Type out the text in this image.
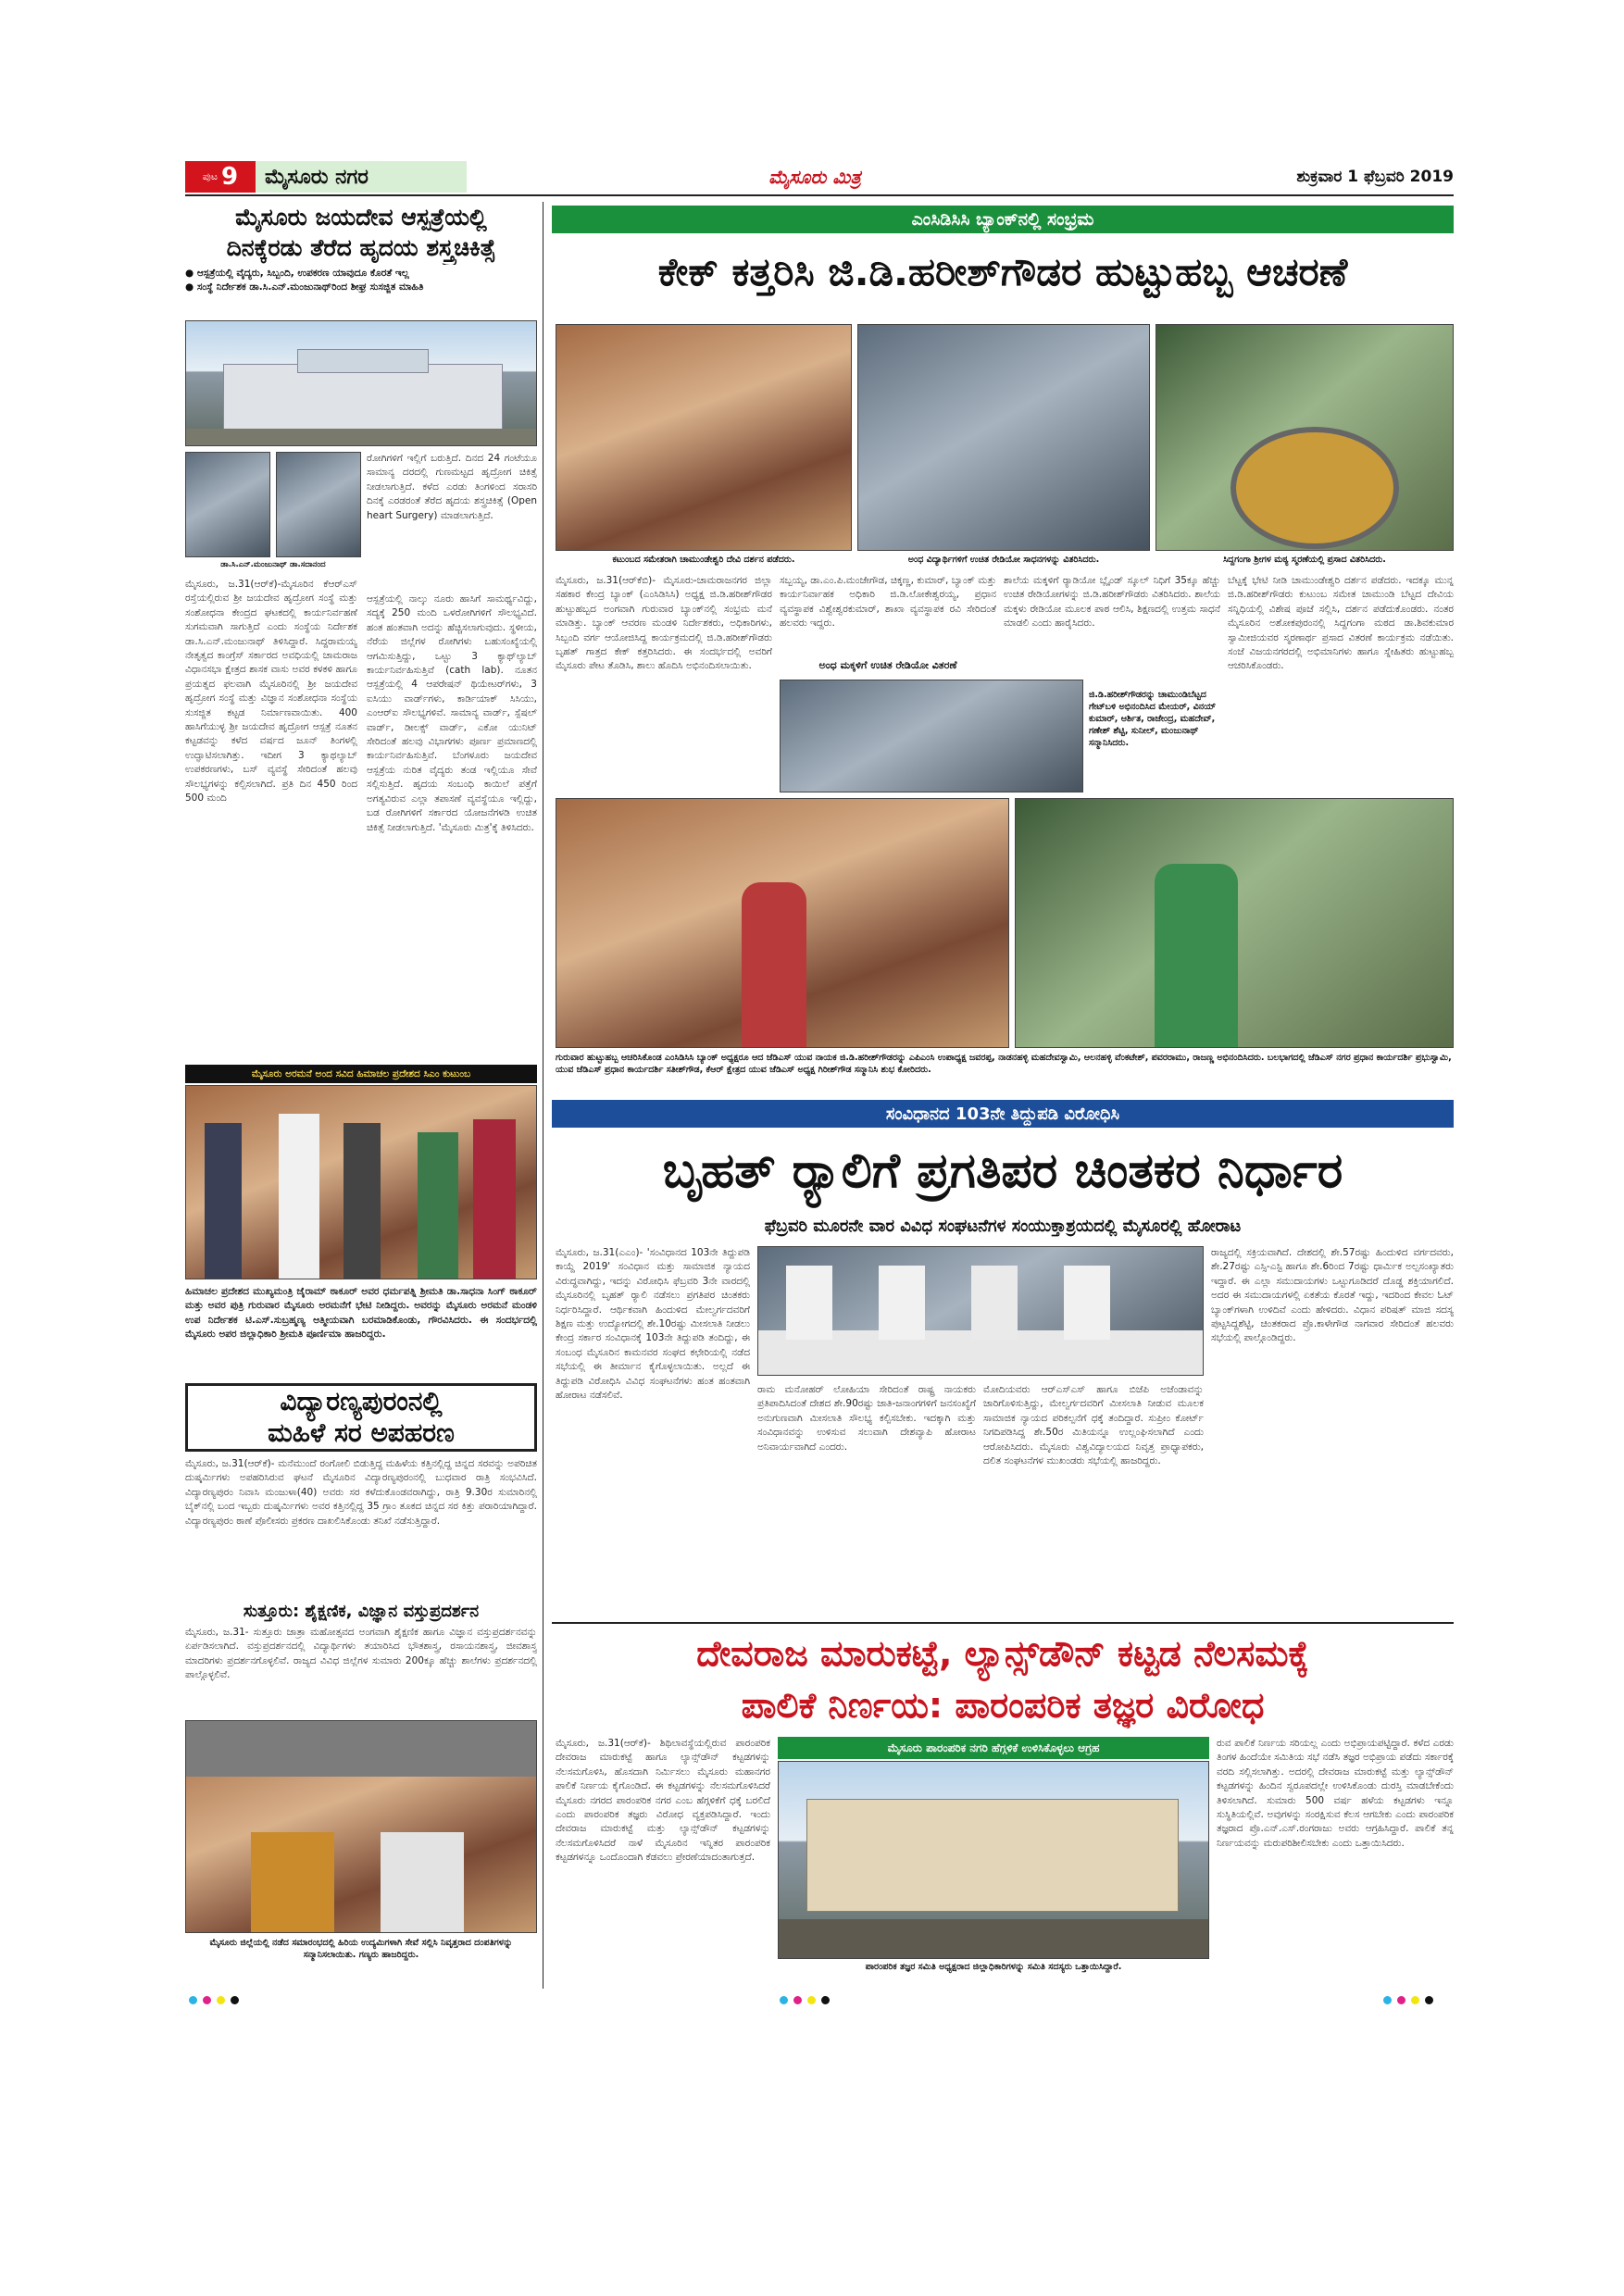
ಪುಟ 9 ಮೈಸೂರು ನಗರ	ಮೈಸೂರು ಮಿತ್ರ	ಶುಕ್ರವಾರ 1 ಫೆಬ್ರವರಿ 2019
ಮೈಸೂರು ಜಯದೇವ ಆಸ್ಪತ್ರೆಯಲ್ಲಿ
ದಿನಕ್ಕೆರಡು ತೆರೆದ ಹೃದಯ ಶಸ್ತ್ರಚಿಕಿತ್ಸೆ
● ಆಸ್ಪತ್ರೆಯಲ್ಲಿ ವೈದ್ಯರು, ಸಿಬ್ಬಂದಿ, ಉಪಕರಣ ಯಾವುದೂ ಕೊರತೆ ಇಲ್ಲ
● ಸಂಸ್ಥೆ ನಿರ್ದೇಶಕ ಡಾ.ಸಿ.ಎನ್.ಮಂಜುನಾಥ್‌ರಿಂದ ಶೀಘ್ರ ಸುಸಜ್ಜಿತ ಮಾಹಿತಿ
ಡಾ.ಸಿ.ಎನ್.ಮಂಜುನಾಥ್ ಡಾ.ಸದಾನಂದ
ರೋಗಿಗಳಿಗೆ ಇಲ್ಲಿಗೆ ಬರುತ್ತಿದೆ. ದಿನದ 24 ಗಂಟೆಯೂ ಸಾಮಾನ್ಯ ದರದಲ್ಲಿ ಗುಣಮಟ್ಟದ ಹೃದ್ರೋಗ ಚಿಕಿತ್ಸೆ ನೀಡಲಾಗುತ್ತಿದೆ. ಕಳೆದ ಎರಡು ತಿಂಗಳಿಂದ ಸರಾಸರಿ ದಿನಕ್ಕೆ ಎರಡರಂತೆ ತೆರೆದ ಹೃದಯ ಶಸ್ತ್ರಚಿಕಿತ್ಸೆ (Open heart Surgery) ಮಾಡಲಾಗುತ್ತಿದೆ.
ಮೈಸೂರು, ಜ.31(ಆರ್‌ಕೆ)-ಮೈಸೂರಿನ ಕೆಆರ್‌ಎಸ್ ರಸ್ತೆಯಲ್ಲಿರುವ ಶ್ರೀ ಜಯದೇವ ಹೃದ್ರೋಗ ಸಂಸ್ಥೆ ಮತ್ತು ಸಂಶೋಧನಾ ಕೇಂದ್ರದ ಘಟಕದಲ್ಲಿ ಕಾರ್ಯನಿರ್ವಹಣೆ ಸುಗಮವಾಗಿ ಸಾಗುತ್ತಿದೆ ಎಂದು ಸಂಸ್ಥೆಯ ನಿರ್ದೇಶಕ ಡಾ.ಸಿ.ಎನ್.ಮಂಜುನಾಥ್ ತಿಳಿಸಿದ್ದಾರೆ. ಸಿದ್ದರಾಮಯ್ಯ ನೇತೃತ್ವದ ಕಾಂಗ್ರೆಸ್ ಸರ್ಕಾರದ ಅವಧಿಯಲ್ಲಿ ಚಾಮರಾಜ ವಿಧಾನಸಭಾ ಕ್ಷೇತ್ರದ ಶಾಸಕ ವಾಸು ಅವರ ಕಳಕಳಿ ಹಾಗೂ ಪ್ರಯತ್ನದ ಫಲವಾಗಿ ಮೈಸೂರಿನಲ್ಲಿ ಶ್ರೀ ಜಯದೇವ ಹೃದ್ರೋಗ ಸಂಸ್ಥೆ ಮತ್ತು ವಿಜ್ಞಾನ ಸಂಶೋಧನಾ ಸಂಸ್ಥೆಯ ಸುಸಜ್ಜಿತ ಕಟ್ಟಡ ನಿರ್ಮಾಣವಾಯಿತು. 400 ಹಾಸಿಗೆಯುಳ್ಳ ಶ್ರೀ ಜಯದೇವ ಹೃದ್ರೋಗ ಆಸ್ಪತ್ರೆ ನೂತನ ಕಟ್ಟಡವನ್ನು ಕಳೆದ ವರ್ಷದ ಜೂನ್ ತಿಂಗಳಲ್ಲಿ ಉದ್ಘಾಟಿಸಲಾಗಿತ್ತು. ಇದೀಗ 3 ಕ್ಯಾಥಲ್ಯಾಬ್ ಉಪಕರಣಗಳು, ಬಸ್ ವ್ಯವಸ್ಥೆ ಸೇರಿದಂತೆ ಹಲವು ಸೌಲಭ್ಯಗಳನ್ನು ಕಲ್ಪಿಸಲಾಗಿದೆ. ಪ್ರತಿ ದಿನ 450 ರಿಂದ 500 ಮಂದಿ
ಆಸ್ಪತ್ರೆಯಲ್ಲಿ ನಾಲ್ಕು ನೂರು ಹಾಸಿಗೆ ಸಾಮರ್ಥ್ಯವಿದ್ದು, ಸದ್ಯಕ್ಕೆ 250 ಮಂದಿ ಒಳರೋಗಿಗಳಿಗೆ ಸೌಲಭ್ಯವಿದೆ. ಹಂತ ಹಂತವಾಗಿ ಅದನ್ನು ಹೆಚ್ಚಿಸಲಾಗುವುದು. ಸ್ಥಳೀಯ, ನೆರೆಯ ಜಿಲ್ಲೆಗಳ ರೋಗಿಗಳು ಬಹುಸಂಖ್ಯೆಯಲ್ಲಿ ಆಗಮಿಸುತ್ತಿದ್ದು, ಒಟ್ಟು 3 ಕ್ಯಾಥ್‌ಲ್ಯಾಬ್ ಕಾರ್ಯನಿರ್ವಹಿಸುತ್ತಿವೆ (cath lab). ನೂತನ ಆಸ್ಪತ್ರೆಯಲ್ಲಿ 4 ಆಪರೇಷನ್ ಥಿಯೇಟರ್‌ಗಳು, 3 ಐಸಿಯು ವಾರ್ಡ್‌ಗಳು, ಕಾರ್ಡಿಯಾಕ್ ಸಿಸಿಯು, ಎಂಆರ್‌ಐ ಸೌಲಭ್ಯಗಳಿವೆ. ಸಾಮಾನ್ಯ ವಾರ್ಡ್, ಸ್ಪೆಷಲ್ ವಾರ್ಡ್, ಡೀಲಕ್ಸ್ ವಾರ್ಡ್, ಎಕೋ ಯುನಿಟ್ ಸೇರಿದಂತೆ ಹಲವು ವಿಭಾಗಗಳು ಪೂರ್ಣ ಪ್ರಮಾಣದಲ್ಲಿ ಕಾರ್ಯನಿರ್ವಹಿಸುತ್ತಿವೆ. ಬೆಂಗಳೂರು ಜಯದೇವ ಆಸ್ಪತ್ರೆಯ ನುರಿತ ವೈದ್ಯರು ತಂಡ ಇಲ್ಲಿಯೂ ಸೇವೆ ಸಲ್ಲಿಸುತ್ತಿದೆ. ಹೃದಯ ಸಂಬಂಧಿ ಕಾಯಿಲೆ ಪತ್ತೆಗೆ ಅಗತ್ಯವಿರುವ ಎಲ್ಲಾ ತಪಾಸಣೆ ವ್ಯವಸ್ಥೆಯೂ ಇಲ್ಲಿದ್ದು, ಬಡ ರೋಗಿಗಳಿಗೆ ಸರ್ಕಾರದ ಯೋಜನೆಗಳಡಿ ಉಚಿತ ಚಿಕಿತ್ಸೆ ನೀಡಲಾಗುತ್ತಿದೆ. 'ಮೈಸೂರು ಮಿತ್ರ'ಕ್ಕೆ ತಿಳಿಸಿದರು.
ಮೈಸೂರು ಅರಮನೆ ಅಂದ ಸವಿದ ಹಿಮಾಚಲ ಪ್ರದೇಶದ ಸಿಎಂ ಕುಟುಂಬ
ಹಿಮಾಚಲ ಪ್ರದೇಶದ ಮುಖ್ಯಮಂತ್ರಿ ಜೈರಾಮ್ ಠಾಕೂರ್ ಅವರ ಧರ್ಮಪತ್ನಿ ಶ್ರೀಮತಿ ಡಾ.ಸಾಧನಾ ಸಿಂಗ್ ಠಾಕೂರ್ ಮತ್ತು ಅವರ ಪುತ್ರಿ ಗುರುವಾರ ಮೈಸೂರು ಅರಮನೆಗೆ ಭೇಟಿ ನೀಡಿದ್ದರು. ಅವರನ್ನು ಮೈಸೂರು ಅರಮನೆ ಮಂಡಳಿ ಉಪ ನಿರ್ದೇಶಕ ಟಿ.ಎಸ್.ಸುಬ್ರಹ್ಮಣ್ಯ ಆತ್ಮೀಯವಾಗಿ ಬರಮಾಡಿಕೊಂಡು, ಗೌರವಿಸಿದರು. ಈ ಸಂದರ್ಭದಲ್ಲಿ ಮೈಸೂರು ಅಪರ ಜಿಲ್ಲಾಧಿಕಾರಿ ಶ್ರೀಮತಿ ಪೂರ್ಣಿಮಾ ಹಾಜರಿದ್ದರು.
ವಿದ್ಯಾರಣ್ಯಪುರಂನಲ್ಲಿ
ಮಹಿಳೆ ಸರ ಅಪಹರಣ
ಮೈಸೂರು, ಜ.31(ಆರ್‌ಕೆ)- ಮನೆಮುಂದೆ ರಂಗೋಲಿ ಬಿಡುತ್ತಿದ್ದ ಮಹಿಳೆಯ ಕತ್ತಿನಲ್ಲಿದ್ದ ಚಿನ್ನದ ಸರವನ್ನು ಅಪರಿಚಿತ ದುಷ್ಕರ್ಮಿಗಳು ಅಪಹರಿಸಿರುವ ಘಟನೆ ಮೈಸೂರಿನ ವಿದ್ಯಾರಣ್ಯಪುರಂನಲ್ಲಿ ಬುಧವಾರ ರಾತ್ರಿ ಸಂಭವಿಸಿದೆ. ವಿದ್ಯಾರಣ್ಯಪುರಂ ನಿವಾಸಿ ಮಂಜುಳಾ(40) ಅವರು ಸರ ಕಳೆದುಕೊಂಡವರಾಗಿದ್ದು, ರಾತ್ರಿ 9.30ರ ಸುಮಾರಿನಲ್ಲಿ ಬೈಕ್‌ನಲ್ಲಿ ಬಂದ ಇಬ್ಬರು ದುಷ್ಕರ್ಮಿಗಳು ಅವರ ಕತ್ತಿನಲ್ಲಿದ್ದ 35 ಗ್ರಾಂ ತೂಕದ ಚಿನ್ನದ ಸರ ಕಿತ್ತು ಪರಾರಿಯಾಗಿದ್ದಾರೆ. ವಿದ್ಯಾರಣ್ಯಪುರಂ ಠಾಣೆ ಪೊಲೀಸರು ಪ್ರಕರಣ ದಾಖಲಿಸಿಕೊಂಡು ತನಿಖೆ ನಡೆಸುತ್ತಿದ್ದಾರೆ.
ಸುತ್ತೂರು: ಶೈಕ್ಷಣಿಕ, ವಿಜ್ಞಾನ ವಸ್ತುಪ್ರದರ್ಶನ
ಮೈಸೂರು, ಜ.31- ಸುತ್ತೂರು ಜಾತ್ರಾ ಮಹೋತ್ಸವದ ಅಂಗವಾಗಿ ಶೈಕ್ಷಣಿಕ ಹಾಗೂ ವಿಜ್ಞಾನ ವಸ್ತುಪ್ರದರ್ಶನವನ್ನು ಏರ್ಪಡಿಸಲಾಗಿದೆ. ವಸ್ತುಪ್ರದರ್ಶನದಲ್ಲಿ ವಿದ್ಯಾರ್ಥಿಗಳು ತಯಾರಿಸಿದ ಭೌತಶಾಸ್ತ್ರ, ರಸಾಯನಶಾಸ್ತ್ರ, ಜೀವಶಾಸ್ತ್ರ ಮಾದರಿಗಳು ಪ್ರದರ್ಶನಗೊಳ್ಳಲಿವೆ. ರಾಜ್ಯದ ವಿವಿಧ ಜಿಲ್ಲೆಗಳ ಸುಮಾರು 200ಕ್ಕೂ ಹೆಚ್ಚು ಶಾಲೆಗಳು ಪ್ರದರ್ಶನದಲ್ಲಿ ಪಾಲ್ಗೊಳ್ಳಲಿವೆ.
ಮೈಸೂರು ಜಿಲ್ಲೆಯಲ್ಲಿ ನಡೆದ ಸಮಾರಂಭದಲ್ಲಿ ಹಿರಿಯ ಉದ್ಯಮಿಗಳಾಗಿ ಸೇವೆ ಸಲ್ಲಿಸಿ ನಿವೃತ್ತರಾದ ದಂಪತಿಗಳನ್ನು ಸನ್ಮಾನಿಸಲಾಯಿತು. ಗಣ್ಯರು ಹಾಜರಿದ್ದರು.
ಎಂಸಿಡಿಸಿಸಿ ಬ್ಯಾಂಕ್‌ನಲ್ಲಿ ಸಂಭ್ರಮ
ಕೇಕ್ ಕತ್ತರಿಸಿ ಜಿ.ಡಿ.ಹರೀಶ್‌ಗೌಡರ ಹುಟ್ಟುಹಬ್ಬ ಆಚರಣೆ
ಕಟುಂಬದ ಸಮೇತರಾಗಿ ಚಾಮುಂಡೇಶ್ವರಿ ದೇವಿ ದರ್ಶನ ಪಡೆದರು.	ಅಂಧ ವಿದ್ಯಾರ್ಥಿಗಳಿಗೆ ಉಚಿತ ರೇಡಿಯೋ ಸಾಧನಗಳನ್ನು ವಿತರಿಸಿದರು.	ಸಿದ್ದಗಂಗಾ ಶ್ರೀಗಳ ಮಠ್ಯ ಸ್ಮರಣೆಯಲ್ಲಿ ಪ್ರಸಾದ ವಿತರಿಸಿದರು.
ಮೈಸೂರು, ಜ.31(ಆರ್‌ಕೆಬಿ)- ಮೈಸೂರು-ಚಾಮರಾಜನಗರ ಜಿಲ್ಲಾ ಸಹಕಾರ ಕೇಂದ್ರ ಬ್ಯಾಂಕ್ (ಎಂಸಿಡಿಸಿಸಿ) ಅಧ್ಯಕ್ಷ ಜಿ.ಡಿ.ಹರೀಶ್‌ಗೌಡರ ಹುಟ್ಟುಹಬ್ಬದ ಅಂಗವಾಗಿ ಗುರುವಾರ ಬ್ಯಾಂಕ್‌ನಲ್ಲಿ ಸಂಭ್ರಮ ಮನೆ ಮಾಡಿತ್ತು. ಬ್ಯಾಂಕ್ ಆವರಣ ಮಂಡಳಿ ನಿರ್ದೇಶಕರು, ಅಧಿಕಾರಿಗಳು, ಸಿಬ್ಬಂದಿ ವರ್ಗ ಆಯೋಜಿಸಿದ್ದ ಕಾರ್ಯಕ್ರಮದಲ್ಲಿ ಜಿ.ಡಿ.ಹರೀಶ್‌ಗೌಡರು ಬೃಹತ್ ಗಾತ್ರದ ಕೇಕ್ ಕತ್ತರಿಸಿದರು. ಈ ಸಂದರ್ಭದಲ್ಲಿ ಅವರಿಗೆ ಮೈಸೂರು ಪೇಟ ತೊಡಿಸಿ, ಶಾಲು ಹೊದಿಸಿ ಅಭಿನಂದಿಸಲಾಯಿತು.
ಸಬ್ಬಯ್ಯ, ಡಾ.ಎಂ.ಪಿ.ಮಂಜೇಗೌಡ, ಚಿಕ್ಕಣ್ಣ, ಕುಮಾರ್, ಬ್ಯಾಂಕ್ ಮತ್ತು ಕಾರ್ಯನಿರ್ವಾಹಕ ಅಧಿಕಾರಿ ಜಿ.ಡಿ.ಲೋಕೇಶ್ವರಯ್ಯ, ಪ್ರಧಾನ ವ್ಯವಸ್ಥಾಪಕ ವಿಶ್ವೇಶ್ವರಕುಮಾರ್, ಶಾಖಾ ವ್ಯವಸ್ಥಾಪಕ ರವಿ ಸೇರಿದಂತೆ ಹಲವರು ಇದ್ದರು.
ಅಂಧ ಮಕ್ಕಳಿಗೆ ಉಚಿತ ರೇಡಿಯೋ ವಿತರಣೆ
ಶಾಲೆಯ ಮಕ್ಕಳಿಗೆ ರ್‍ಯಾಡಿಯೋ ಬ್ಲೈಂಡ್ ಸ್ಕೂಲ್ ನಿಧಿಗೆ 35ಕ್ಕೂ ಹೆಚ್ಚು ಉಚಿತ ರೇಡಿಯೋಗಳನ್ನು ಜಿ.ಡಿ.ಹರೀಶ್‌ಗೌಡರು ವಿತರಿಸಿದರು. ಶಾಲೆಯ ಮಕ್ಕಳು ರೇಡಿಯೋ ಮೂಲಕ ಪಾಠ ಆಲಿಸಿ, ಶಿಕ್ಷಣದಲ್ಲಿ ಉತ್ತಮ ಸಾಧನೆ ಮಾಡಲಿ ಎಂದು ಹಾರೈಸಿದರು.
ಬೆಟ್ಟಕ್ಕೆ ಭೇಟಿ ನೀಡಿ ಚಾಮುಂಡೇಶ್ವರಿ ದರ್ಶನ ಪಡೆದರು. ಇದಕ್ಕೂ ಮುನ್ನ ಜಿ.ಡಿ.ಹರೀಶ್‌ಗೌಡರು ಕುಟುಂಬ ಸಮೇತ ಚಾಮುಂಡಿ ಬೆಟ್ಟದ ದೇವಿಯ ಸನ್ನಿಧಿಯಲ್ಲಿ ವಿಶೇಷ ಪೂಜೆ ಸಲ್ಲಿಸಿ, ದರ್ಶನ ಪಡೆದುಕೊಂಡರು. ನಂತರ ಮೈಸೂರಿನ ಅಶೋಕಪುರಂನಲ್ಲಿ ಸಿದ್ದಗಂಗಾ ಮಠದ ಡಾ.ಶಿವಕುಮಾರ ಸ್ವಾಮೀಜಿಯವರ ಸ್ಮರಣಾರ್ಥ ಪ್ರಸಾದ ವಿತರಣೆ ಕಾರ್ಯಕ್ರಮ ನಡೆಯಿತು. ಸಂಜೆ ವಿಜಯನಗರದಲ್ಲಿ ಅಭಿಮಾನಿಗಳು ಹಾಗೂ ಸ್ನೇಹಿತರು ಹುಟ್ಟುಹಬ್ಬ ಆಚರಿಸಿಕೊಂಡರು.
ಜಿ.ಡಿ.ಹರೀಶ್‌ಗೌಡರನ್ನು ಚಾಮುಂಡಿಬೆಟ್ಟದ ಗೇಟ್‌ಬಳಿ ಅಭಿನಂದಿಸಿದ ಮೇಯರ್, ವಿನಯ್ ಕುಮಾರ್, ಆರ್ಶಿತ, ರಾಜೇಂದ್ರ, ಮಹದೇವ್, ಗಣೇಶ್ ಶೆಟ್ಟಿ, ಸುನೀಲ್, ಮಂಜುನಾಥ್ ಸನ್ಮಾನಿಸಿದರು.
ಗುರುವಾರ ಹುಟ್ಟುಹಬ್ಬ ಆಚರಿಸಿಕೊಂಡ ಎಂಸಿಡಿಸಿಸಿ ಬ್ಯಾಂಕ್ ಅಧ್ಯಕ್ಷರೂ ಆದ ಜೆಡಿಎಸ್ ಯುವ ನಾಯಕ ಜಿ.ಡಿ.ಹರೀಶ್‌ಗೌಡರನ್ನು ಎಪಿಎಂಸಿ ಉಪಾಧ್ಯಕ್ಷ ಜವರಪ್ಪ, ನಾಡನಹಳ್ಳಿ ಮಹದೇವಸ್ವಾಮಿ, ಆಲನಹಳ್ಳಿ ವೆಂಕಟೇಶ್, ಪವರರಾಮು, ರಾಜಣ್ಣ ಅಭಿನಂದಿಸಿದರು. ಬಲಭಾಗದಲ್ಲಿ ಜೆಡಿಎಸ್ ನಗರ ಪ್ರಧಾನ ಕಾರ್ಯದರ್ಶಿ ಪ್ರಭುಸ್ವಾಮಿ, ಯುವ ಜೆಡಿಎಸ್ ಪ್ರಧಾನ ಕಾರ್ಯದರ್ಶಿ ಸತೀಶ್‌ಗೌಡ, ಕೆಆರ್ ಕ್ಷೇತ್ರದ ಯುವ ಜೆಡಿಎಸ್ ಅಧ್ಯಕ್ಷ ಗಿರೀಶ್‌ಗೌಡ ಸನ್ಮಾನಿಸಿ ಶುಭ ಕೋರಿದರು.
ಸಂವಿಧಾನದ 103ನೇ ತಿದ್ದುಪಡಿ ವಿರೋಧಿಸಿ
ಬೃಹತ್ ರ್‍ಯಾಲಿಗೆ ಪ್ರಗತಿಪರ ಚಿಂತಕರ ನಿರ್ಧಾರ
ಫೆಬ್ರವರಿ ಮೂರನೇ ವಾರ ವಿವಿಧ ಸಂಘಟನೆಗಳ ಸಂಯುಕ್ತಾಶ್ರಯದಲ್ಲಿ ಮೈಸೂರಲ್ಲಿ ಹೋರಾಟ
ಮೈಸೂರು, ಜ.31(ಎಎಂ)- 'ಸಂವಿಧಾನದ 103ನೇ ತಿದ್ದುಪಡಿ ಕಾಯ್ದೆ 2019' ಸಂವಿಧಾನ ಮತ್ತು ಸಾಮಾಜಿಕ ನ್ಯಾಯದ ವಿರುದ್ಧವಾಗಿದ್ದು, ಇದನ್ನು ವಿರೋಧಿಸಿ ಫೆಬ್ರವರಿ 3ನೇ ವಾರದಲ್ಲಿ ಮೈಸೂರಿನಲ್ಲಿ ಬೃಹತ್ ರ್‍ಯಾಲಿ ನಡೆಸಲು ಪ್ರಗತಿಪರ ಚಿಂತಕರು ನಿರ್ಧರಿಸಿದ್ದಾರೆ. ಆರ್ಥಿಕವಾಗಿ ಹಿಂದುಳಿದ ಮೇಲ್ವರ್ಗದವರಿಗೆ ಶಿಕ್ಷಣ ಮತ್ತು ಉದ್ಯೋಗದಲ್ಲಿ ಶೇ.10ರಷ್ಟು ಮೀಸಲಾತಿ ನೀಡಲು ಕೇಂದ್ರ ಸರ್ಕಾರ ಸಂವಿಧಾನಕ್ಕೆ 103ನೇ ತಿದ್ದುಪಡಿ ತಂದಿದ್ದು, ಈ ಸಂಬಂಧ ಮೈಸೂರಿನ ಕಾಮನವರ ಸಂಘದ ಕಛೇರಿಯಲ್ಲಿ ನಡೆದ ಸಭೆಯಲ್ಲಿ ಈ ತೀರ್ಮಾನ ಕೈಗೊಳ್ಳಲಾಯಿತು. ಅಲ್ಲದೆ ಈ ತಿದ್ದುಪಡಿ ವಿರೋಧಿಸಿ ವಿವಿಧ ಸಂಘಟನೆಗಳು ಹಂತ ಹಂತವಾಗಿ ಹೋರಾಟ ನಡೆಸಲಿವೆ.
ರಾಮ ಮನೋಹರ್ ಲೋಹಿಯಾ ಸೇರಿದಂತೆ ರಾಷ್ಟ್ರ ನಾಯಕರು ಪ್ರತಿಪಾದಿಸಿದಂತೆ ದೇಶದ ಶೇ.90ರಷ್ಟು ಜಾತಿ-ಜನಾಂಗಗಳಿಗೆ ಜನಸಂಖ್ಯೆಗೆ ಅನುಗುಣವಾಗಿ ಮೀಸಲಾತಿ ಸೌಲಭ್ಯ ಕಲ್ಪಿಸಬೇಕು. ಇದಕ್ಕಾಗಿ ಮತ್ತು ಸಂವಿಧಾನವನ್ನು ಉಳಿಸುವ ಸಲುವಾಗಿ ದೇಶವ್ಯಾಪಿ ಹೋರಾಟ ಅನಿವಾರ್ಯವಾಗಿದೆ ಎಂದರು.
ಮೋದಿಯವರು ಆರ್‌ಎಸ್‌ಎಸ್ ಹಾಗೂ ಬಿಜೆಪಿ ಅಜೆಂಡಾವನ್ನು ಜಾರಿಗೊಳಿಸುತ್ತಿದ್ದು, ಮೇಲ್ವರ್ಗದವರಿಗೆ ಮೀಸಲಾತಿ ನೀಡುವ ಮೂಲಕ ಸಾಮಾಜಿಕ ನ್ಯಾಯದ ಪರಿಕಲ್ಪನೆಗೆ ಧಕ್ಕೆ ತಂದಿದ್ದಾರೆ. ಸುಪ್ರೀಂ ಕೋರ್ಟ್ ನಿಗದಿಪಡಿಸಿದ್ದ ಶೇ.50ರ ಮಿತಿಯನ್ನೂ ಉಲ್ಲಂಘಿಸಲಾಗಿದೆ ಎಂದು ಆರೋಪಿಸಿದರು. ಮೈಸೂರು ವಿಶ್ವವಿದ್ಯಾಲಯದ ನಿವೃತ್ತ ಪ್ರಾಧ್ಯಾಪಕರು, ದಲಿತ ಸಂಘಟನೆಗಳ ಮುಖಂಡರು ಸಭೆಯಲ್ಲಿ ಹಾಜರಿದ್ದರು.
ರಾಜ್ಯದಲ್ಲಿ ಸಕ್ರಿಯವಾಗಿದೆ. ದೇಶದಲ್ಲಿ ಶೇ.57ರಷ್ಟು ಹಿಂದುಳಿದ ವರ್ಗದವರು, ಶೇ.27ರಷ್ಟು ಎಸ್ಸಿ-ಎಸ್ಟಿ ಹಾಗೂ ಶೇ.6ರಿಂದ 7ರಷ್ಟು ಧಾರ್ಮಿಕ ಅಲ್ಪಸಂಖ್ಯಾತರು ಇದ್ದಾರೆ. ಈ ಎಲ್ಲಾ ಸಮುದಾಯಗಳು ಒಟ್ಟುಗೂಡಿದರೆ ದೊಡ್ಡ ಶಕ್ತಿಯಾಗಲಿದೆ. ಅದರ ಈ ಸಮುದಾಯಗಳಲ್ಲಿ ಏಕತೆಯ ಕೊರತೆ ಇದ್ದು, ಇದರಿಂದ ಕೇವಲ ಓಟ್ ಬ್ಯಾಂಕ್‌ಗಳಾಗಿ ಉಳಿದಿವೆ ಎಂದು ಹೇಳಿದರು. ವಿಧಾನ ಪರಿಷತ್ ಮಾಜಿ ಸದಸ್ಯ ಪುಟ್ಟಸಿದ್ದಶೆಟ್ಟಿ, ಚಿಂತಕರಾದ ಪ್ರೊ.ಕಾಳೇಗೌಡ ನಾಗವಾರ ಸೇರಿದಂತೆ ಹಲವರು ಸಭೆಯಲ್ಲಿ ಪಾಲ್ಗೊಂಡಿದ್ದರು.
ದೇವರಾಜ ಮಾರುಕಟ್ಟೆ, ಲ್ಯಾನ್ಸ್‌ಡೌನ್ ಕಟ್ಟಡ ನೆಲಸಮಕ್ಕೆ
ಪಾಲಿಕೆ ನಿರ್ಣಯ: ಪಾರಂಪರಿಕ ತಜ್ಞರ ವಿರೋಧ
ಮೈಸೂರು, ಜ.31(ಆರ್‌ಕೆ)- ಶಿಥಿಲಾವಸ್ಥೆಯಲ್ಲಿರುವ ಪಾರಂಪರಿಕ ದೇವರಾಜ ಮಾರುಕಟ್ಟೆ ಹಾಗೂ ಲ್ಯಾನ್ಸ್‌ಡೌನ್ ಕಟ್ಟಡಗಳನ್ನು ನೆಲಸಮಗೊಳಿಸಿ, ಹೊಸದಾಗಿ ನಿರ್ಮಿಸಲು ಮೈಸೂರು ಮಹಾನಗರ ಪಾಲಿಕೆ ನಿರ್ಣಯ ಕೈಗೊಂಡಿದೆ. ಈ ಕಟ್ಟಡಗಳನ್ನು ನೆಲಸಮಗೊಳಿಸಿದರೆ ಮೈಸೂರು ನಗರದ ಪಾರಂಪರಿಕ ನಗರ ಎಂಬ ಹೆಗ್ಗಳಿಕೆಗೆ ಧಕ್ಕೆ ಬರಲಿದೆ ಎಂದು ಪಾರಂಪರಿಕ ತಜ್ಞರು ವಿರೋಧ ವ್ಯಕ್ತಪಡಿಸಿದ್ದಾರೆ. ಇಂದು ದೇವರಾಜ ಮಾರುಕಟ್ಟೆ ಮತ್ತು ಲ್ಯಾನ್ಸ್‌ಡೌನ್ ಕಟ್ಟಡಗಳನ್ನು ನೆಲಸಮಗೊಳಿಸಿದರೆ ನಾಳೆ ಮೈಸೂರಿನ ಇನ್ನಿತರ ಪಾರಂಪರಿಕ ಕಟ್ಟಡಗಳನ್ನೂ ಒಂದೊಂದಾಗಿ ಕೆಡವಲು ಪ್ರೇರಣೆಯಾದಂತಾಗುತ್ತದೆ.
ಮೈಸೂರು ಪಾರಂಪರಿಕ ನಗರಿ ಹೆಗ್ಗಳಿಕೆ ಉಳಿಸಿಕೊಳ್ಳಲು ಆಗ್ರಹ
ಪಾರಂಪರಿಕ ತಜ್ಞರ ಸಮಿತಿ ಅಧ್ಯಕ್ಷರಾದ ಜಿಲ್ಲಾಧಿಕಾರಿಗಳನ್ನು ಸಮಿತಿ ಸದಸ್ಯರು ಒತ್ತಾಯಿಸಿದ್ದಾರೆ.
ರುವ ಪಾಲಿಕೆ ನಿರ್ಣಯ ಸರಿಯಲ್ಲ ಎಂದು ಅಭಿಪ್ರಾಯಪಟ್ಟಿದ್ದಾರೆ. ಕಳೆದ ಎರಡು ತಿಂಗಳ ಹಿಂದೆಯೇ ಸಮಿತಿಯ ಸಭೆ ನಡೆಸಿ ತಜ್ಞರ ಅಭಿಪ್ರಾಯ ಪಡೆದು ಸರ್ಕಾರಕ್ಕೆ ವರದಿ ಸಲ್ಲಿಸಲಾಗಿತ್ತು. ಅದರಲ್ಲಿ ದೇವರಾಜ ಮಾರುಕಟ್ಟೆ ಮತ್ತು ಲ್ಯಾನ್ಸ್‌ಡೌನ್ ಕಟ್ಟಡಗಳನ್ನು ಹಿಂದಿನ ಸ್ವರೂಪದಲ್ಲೇ ಉಳಿಸಿಕೊಂಡು ದುರಸ್ತಿ ಮಾಡಬೇಕೆಂದು ತಿಳಿಸಲಾಗಿದೆ. ಸುಮಾರು 500 ವರ್ಷ ಹಳೆಯ ಕಟ್ಟಡಗಳು ಇನ್ನೂ ಸುಸ್ಥಿತಿಯಲ್ಲಿವೆ. ಅವುಗಳನ್ನು ಸಂರಕ್ಷಿಸುವ ಕೆಲಸ ಆಗಬೇಕು ಎಂದು ಪಾರಂಪರಿಕ ತಜ್ಞರಾದ ಪ್ರೊ.ಎನ್.ಎಸ್.ರಂಗರಾಜು ಅವರು ಆಗ್ರಹಿಸಿದ್ದಾರೆ. ಪಾಲಿಕೆ ತನ್ನ ನಿರ್ಣಯವನ್ನು ಮರುಪರಿಶೀಲಿಸಬೇಕು ಎಂದು ಒತ್ತಾಯಿಸಿದರು.
